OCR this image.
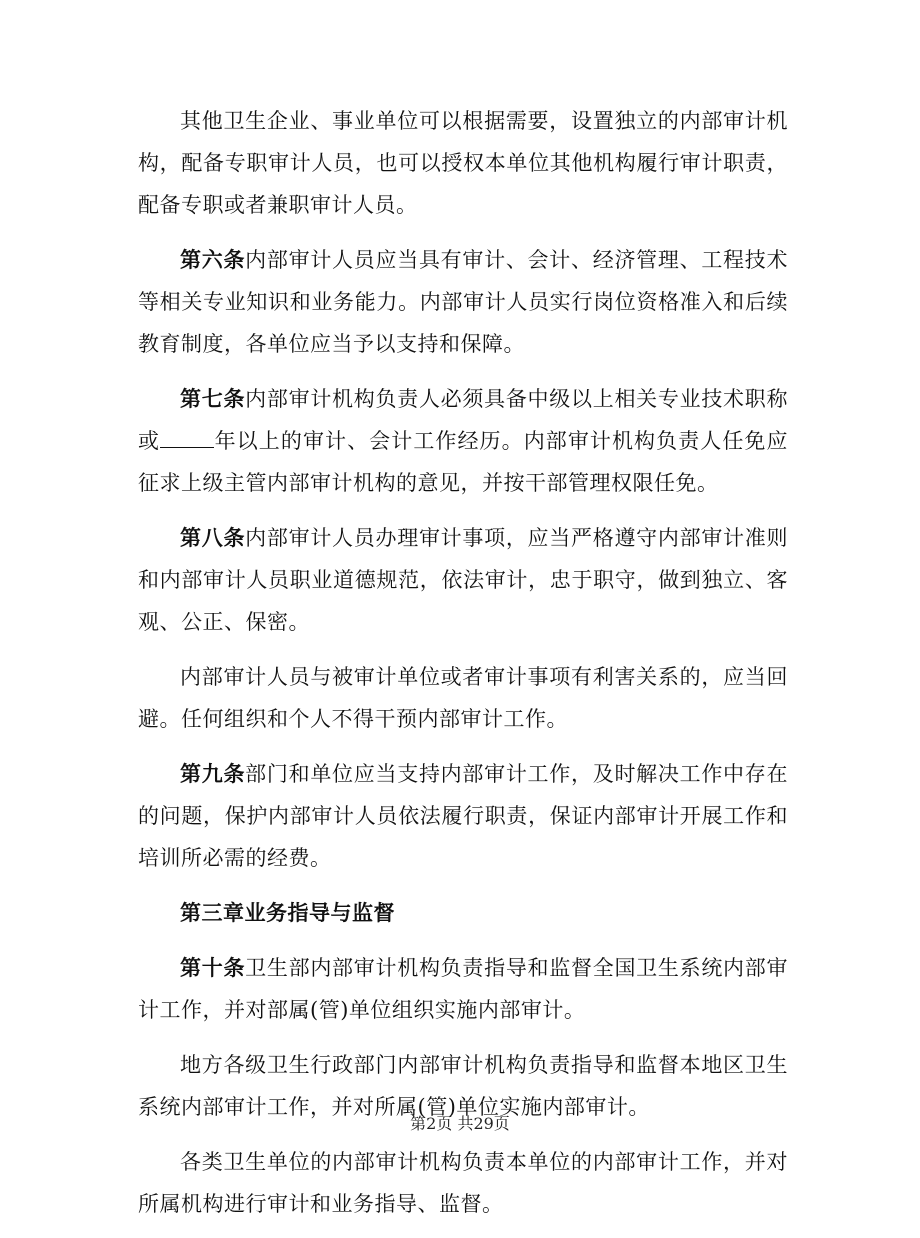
其他卫生企业、事业单位可以根据需要，设置独立的内部审计机构，配备专职审计人员，也可以授权本单位其他机构履行审计职责，配备专职或者兼职审计人员。

第六条内部审计人员应当具有审计、会计、经济管理、工程技术等相关专业知识和业务能力。内部审计人员实行岗位资格准入和后续教育制度，各单位应当予以支持和保障。

第七条内部审计机构负责人必须具备中级以上相关专业技术职称或	年以上的审计、会计工作经历。内部审计机构负责人任免应征求上级主管内部审计机构的意见，并按干部管理权限任免。

第八条内部审计人员办理审计事项，应当严格遵守内部审计准则和内部审计人员职业道德规范，依法审计，忠于职守，做到独立、客观、公正、保密。

内部审计人员与被审计单位或者审计事项有利害关系的，应当回避。任何组织和个人不得干预内部审计工作。

第九条部门和单位应当支持内部审计工作，及时解决工作中存在的问题，保护内部审计人员依法履行职责，保证内部审计开展工作和培训所必需的经费。

第三章业务指导与监督

第十条卫生部内部审计机构负责指导和监督全国卫生系统内部审计工作，并对部属(管)单位组织实施内部审计。

地方各级卫生行政部门内部审计机构负责指导和监督本地区卫生系统内部审计工作，并对所属(管)单位实施内部审计。

各类卫生单位的内部审计机构负责本单位的内部审计工作，并对所属机构进行审计和业务指导、监督。

第2页 共29页
